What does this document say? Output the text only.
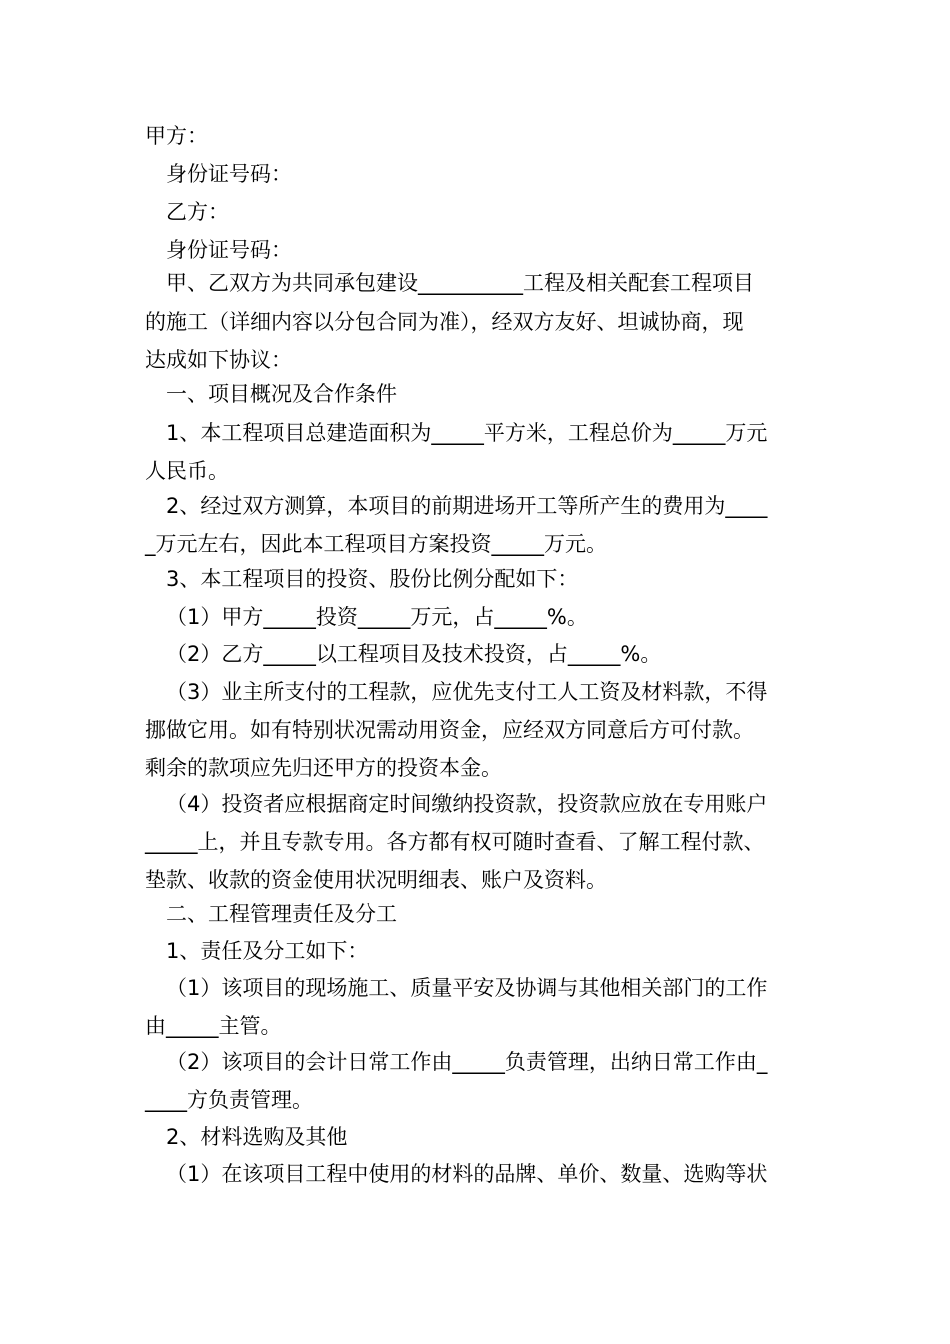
甲方：
身份证号码：
乙方：
身份证号码：
甲、乙双方为共同承包建设__________工程及相关配套工程项目
的施工（详细内容以分包合同为准），经双方友好、坦诚协商，现
达成如下协议：
一、项目概况及合作条件
1、本工程项目总建造面积为_____平方米，工程总价为_____万元
人民币。
2、经过双方测算，本项目的前期进场开工等所产生的费用为____
_万元左右，因此本工程项目方案投资_____万元。
3、本工程项目的投资、股份比例分配如下：
（1）甲方_____投资_____万元，占_____%。
（2）乙方_____以工程项目及技术投资，占_____%。
（3）业主所支付的工程款，应优先支付工人工资及材料款，不得
挪做它用。如有特别状况需动用资金，应经双方同意后方可付款。
剩余的款项应先归还甲方的投资本金。
（4）投资者应根据商定时间缴纳投资款，投资款应放在专用账户
_____上，并且专款专用。各方都有权可随时查看、了解工程付款、
垫款、收款的资金使用状况明细表、账户及资料。
二、工程管理责任及分工
1、责任及分工如下：
（1）该项目的现场施工、质量平安及协调与其他相关部门的工作
由_____主管。
（2）该项目的会计日常工作由_____负责管理，出纳日常工作由_
____方负责管理。
2、材料选购及其他
（1）在该项目工程中使用的材料的品牌、单价、数量、选购等状
